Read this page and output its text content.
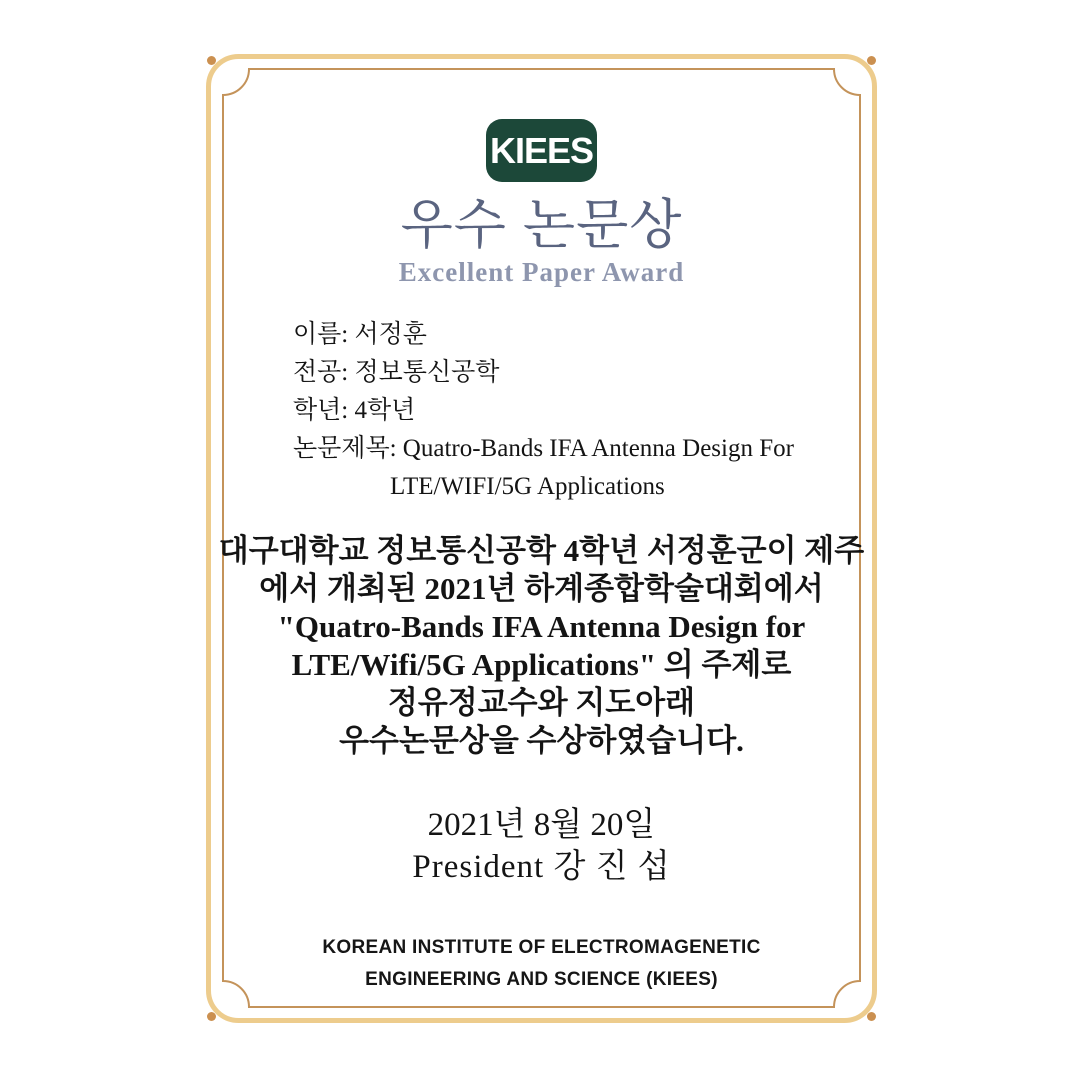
KIEES
우수 논문상
Excellent Paper Award
이름: 서정훈
전공: 정보통신공학
학년: 4학년
논문제목: Quatro-Bands IFA Antenna Design For
LTE/WIFI/5G Applications
대구대학교 정보통신공학 4학년 서정훈군이 제주
에서 개최된 2021년 하계종합학술대회에서
"Quatro-Bands IFA Antenna Design for
LTE/Wifi/5G Applications" 의 주제로
정유정교수와 지도아래
우수논문상을 수상하였습니다.
2021년 8월 20일
President 강 진 섭
KOREAN INSTITUTE OF ELECTROMAGENETIC
ENGINEERING AND SCIENCE (KIEES)
